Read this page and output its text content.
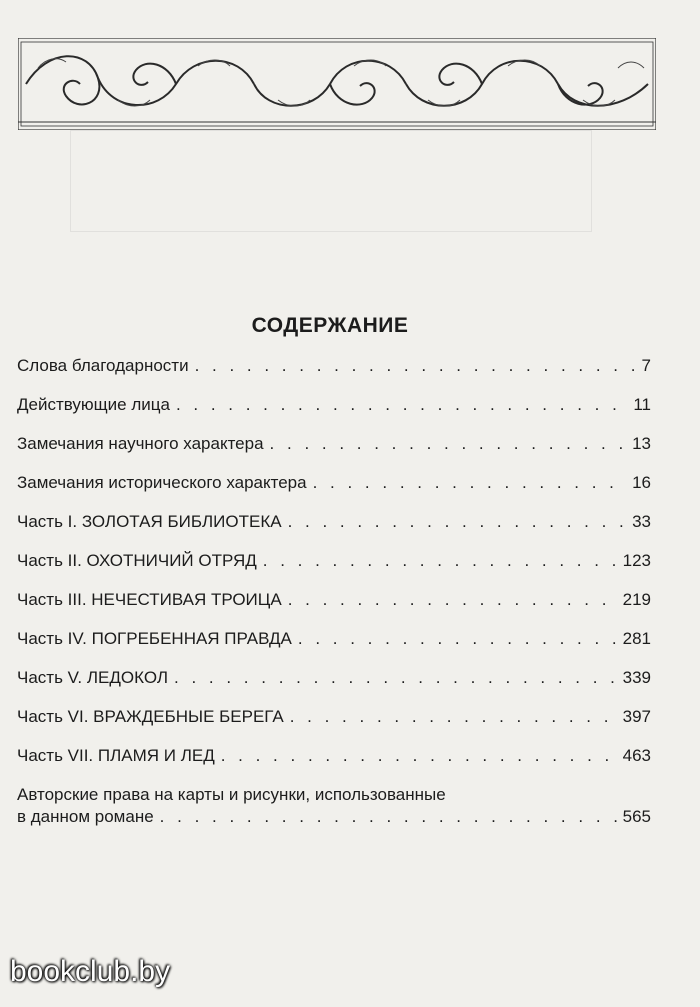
СОДЕРЖАНИЕ
Слова благодарности . . .	7
Действующие лица . . .	11
Замечания научного характера . . .	13
Замечания исторического характера . . .	16
Часть I. ЗОЛОТАЯ БИБЛИОТЕКА . . .	33
Часть II. ОХОТНИЧИЙ ОТРЯД . . .	123
Часть III. НЕЧЕСТИВАЯ ТРОИЦА . . .	219
Часть IV. ПОГРЕБЕННАЯ ПРАВДА . . .	281
Часть V. ЛЕДОКОЛ . . .	339
Часть VI. ВРАЖДЕБНЫЕ БЕРЕГА . . .	397
Часть VII. ПЛАМЯ И ЛЕД . . .	463
Авторские права на карты и рисунки, использованные
в данном романе . . .	565
bookclub.by
